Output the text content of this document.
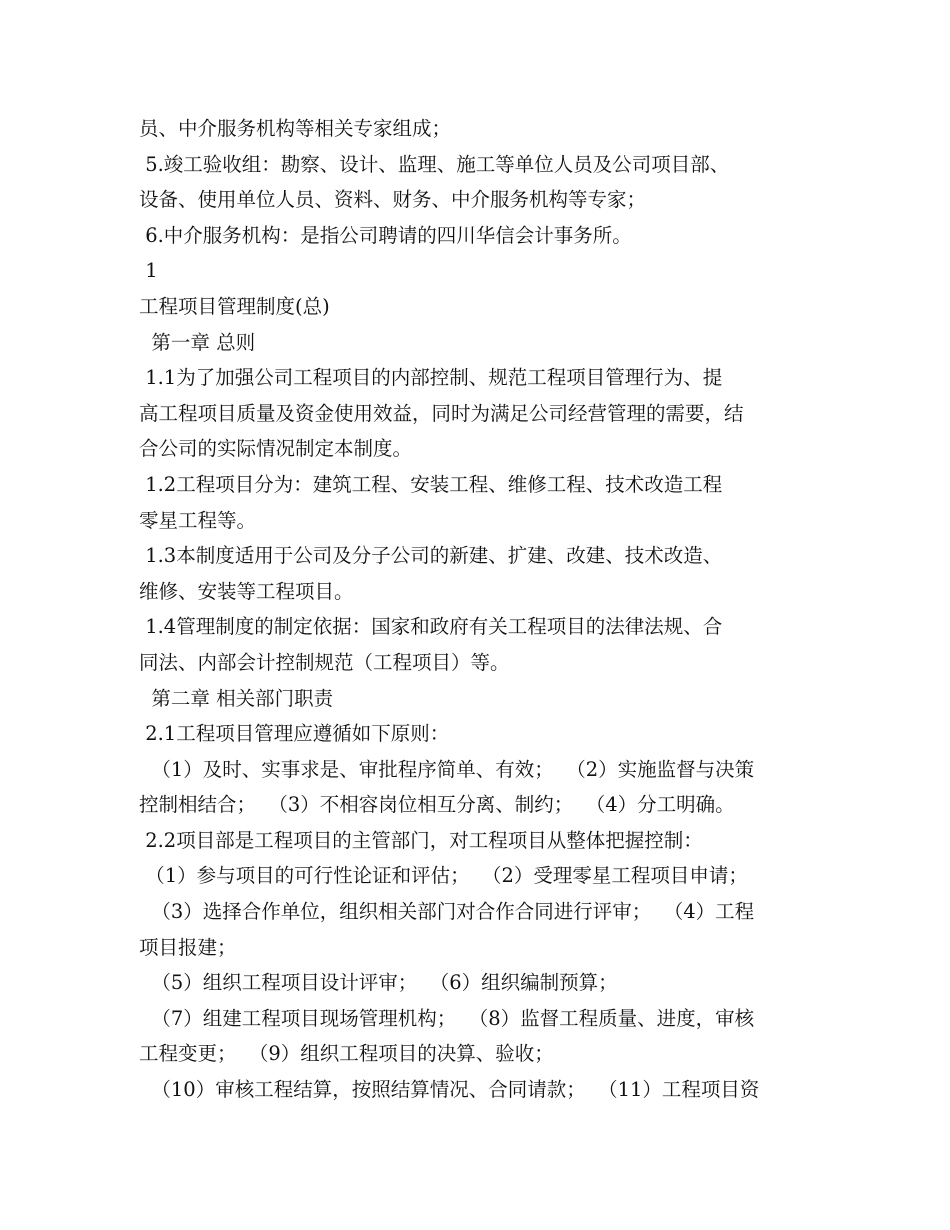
员、中介服务机构等相关专家组成；
5.竣工验收组：勘察、设计、监理、施工等单位人员及公司项目部、
设备、使用单位人员、资料、财务、中介服务机构等专家；
6.中介服务机构：是指公司聘请的四川华信会计事务所。
1
工程项目管理制度(总)
第一章 总则
1.1为了加强公司工程项目的内部控制、规范工程项目管理行为、提
高工程项目质量及资金使用效益，同时为满足公司经营管理的需要，结
合公司的实际情况制定本制度。
1.2工程项目分为：建筑工程、安装工程、维修工程、技术改造工程
零星工程等。
1.3本制度适用于公司及分子公司的新建、扩建、改建、技术改造、
维修、安装等工程项目。
1.4管理制度的制定依据：国家和政府有关工程项目的法律法规、合
同法、内部会计控制规范（工程项目）等。
第二章 相关部门职责
2.1工程项目管理应遵循如下原则：
（1）及时、实事求是、审批程序简单、有效；  （2）实施监督与决策
控制相结合；  （3）不相容岗位相互分离、制约；  （4）分工明确。
2.2项目部是工程项目的主管部门，对工程项目从整体把握控制：
（1）参与项目的可行性论证和评估；  （2）受理零星工程项目申请；
（3）选择合作单位，组织相关部门对合作合同进行评审；  （4）工程
项目报建；
（5）组织工程项目设计评审；  （6）组织编制预算；
（7）组建工程项目现场管理机构；  （8）监督工程质量、进度，审核
工程变更；  （9）组织工程项目的决算、验收；
（10）审核工程结算，按照结算情况、合同请款；  （11）工程项目资
